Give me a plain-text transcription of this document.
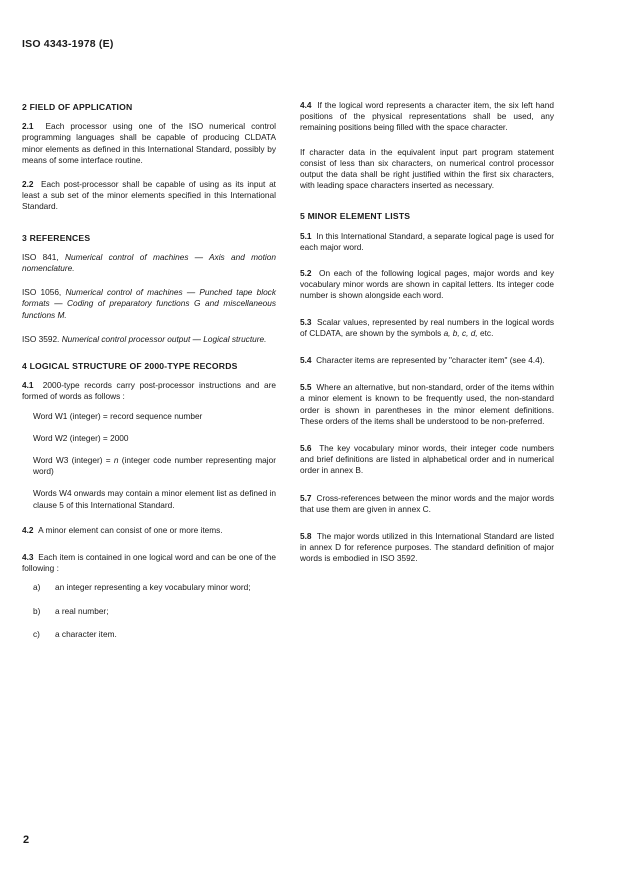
ISO 4343-1978 (E)
2 FIELD OF APPLICATION

2.1 Each processor using one of the ISO numerical control programming languages shall be capable of producing CLDATA minor elements as defined in this International Standard, possibly by means of some interface routine.

2.2 Each post-processor shall be capable of using as its input at least a sub set of the minor elements specified in this International Standard.

3 REFERENCES

ISO 841, Numerical control of machines — Axis and motion nomenclature.

ISO 1056, Numerical control of machines — Punched tape block formats — Coding of preparatory functions G and miscellaneous functions M.

ISO 3592. Numerical control processor output — Logical structure.

4 LOGICAL STRUCTURE OF 2000-TYPE RECORDS

4.1 2000-type records carry post-processor instructions and are formed of words as follows :

Word W1 (integer) = record sequence number

Word W2 (integer) = 2000

Word W3 (integer) = n (integer code number representing major word)

Words W4 onwards may contain a minor element list as defined in clause 5 of this International Standard.

4.2 A minor element can consist of one or more items.

4.3 Each item is contained in one logical word and can be one of the following :

a) an integer representing a key vocabulary minor word;

b) a real number;

c) a character item.

4.4 If the logical word represents a character item, the six left hand positions of the physical representations shall be used, any remaining positions being filled with the space character.

If character data in the equivalent input part program statement consist of less than six characters, on numerical control processor output the data shall be right justified within the first six characters, with leading space characters inserted as necessary.

5 MINOR ELEMENT LISTS

5.1 In this International Standard, a separate logical page is used for each major word.

5.2 On each of the following logical pages, major words and key vocabulary minor words are shown in capital letters. Its integer code number is shown alongside each word.

5.3 Scalar values, represented by real numbers in the logical words of CLDATA, are shown by the symbols a, b, c, d, etc.

5.4 Character items are represented by "character item" (see 4.4).

5.5 Where an alternative, but non-standard, order of the items within a minor element is known to be frequently used, the non-standard order is shown in parentheses in the minor element definitions. These orders of the items shall be understood to be non-preferred.

5.6 The key vocabulary minor words, their integer code numbers and brief definitions are listed in alphabetical order and in numerical order in annex B.

5.7 Cross-references between the minor words and the major words that use them are given in annex C.

5.8 The major words utilized in this International Standard are listed in annex D for reference purposes. The standard definition of major words is embodied in ISO 3592.

2
